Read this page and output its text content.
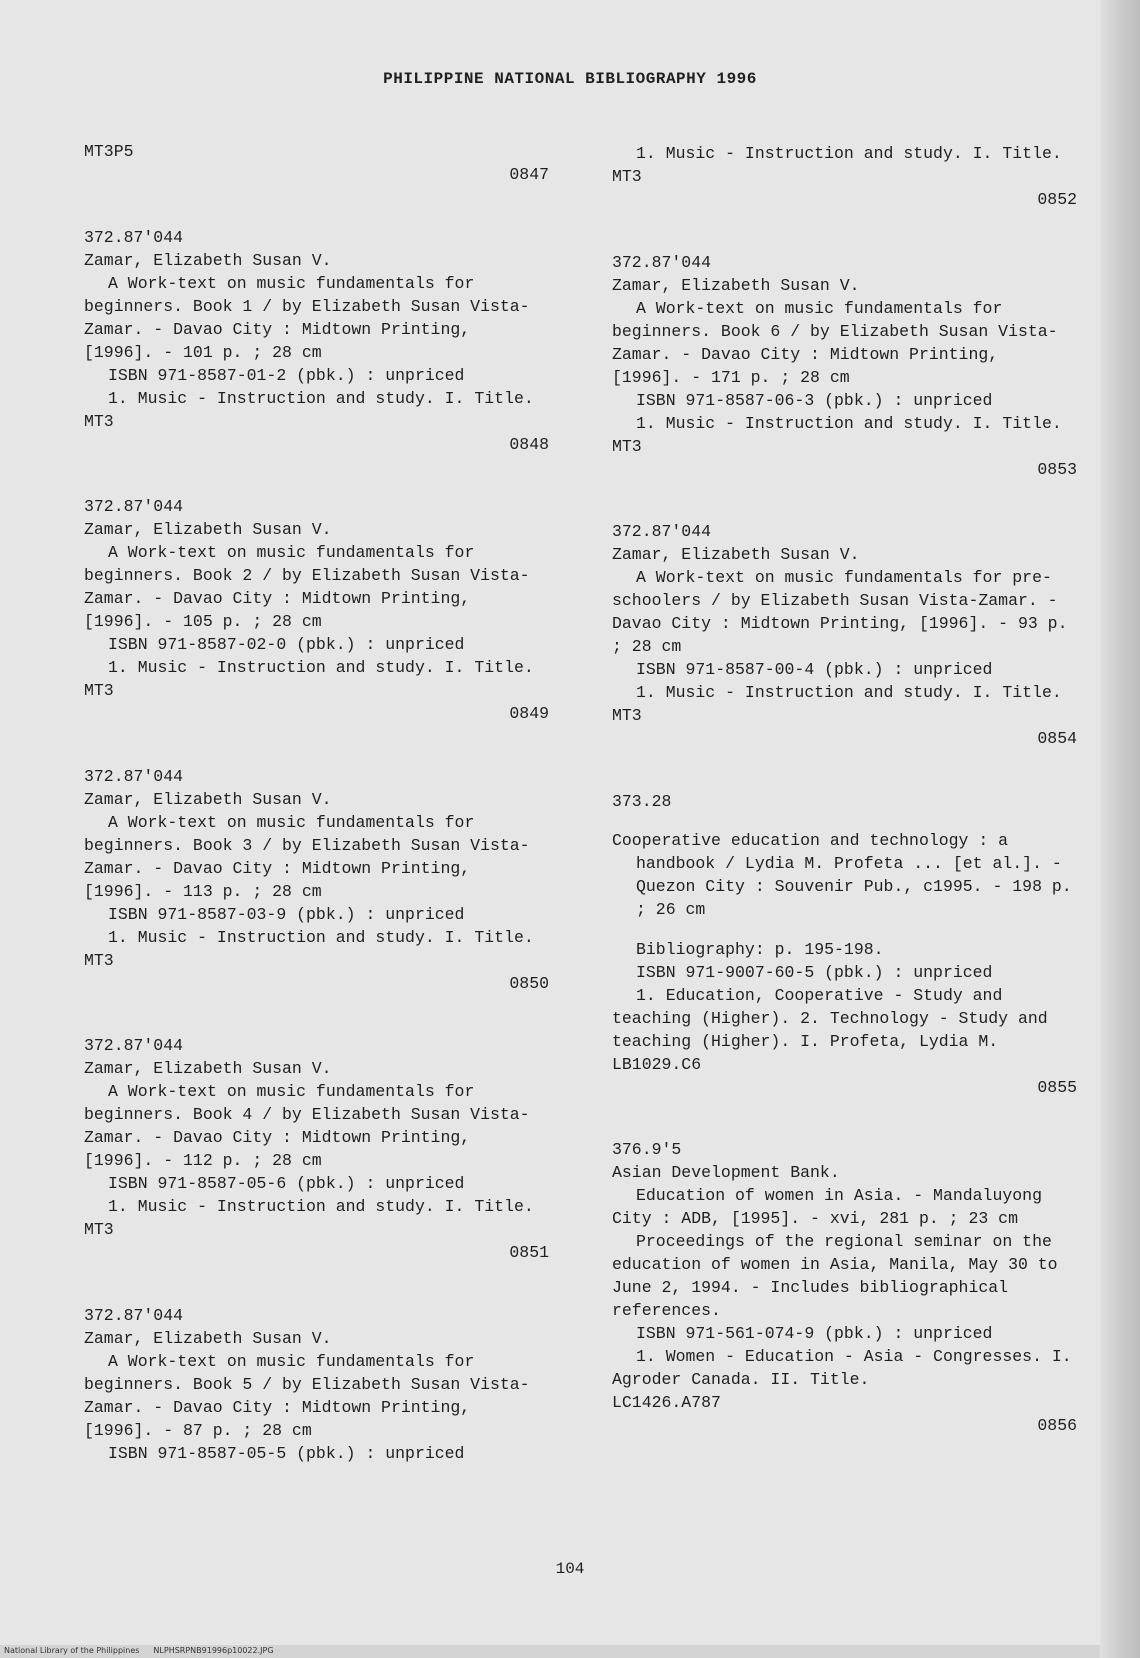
PHILIPPINE NATIONAL BIBLIOGRAPHY 1996

MT3P5

0847

372.87'044

Zamar, Elizabeth Susan V.

A Work-text on music fundamentals for beginners. Book 1 / by Elizabeth Susan Vista-Zamar. - Davao City : Midtown Printing, [1996]. - 101 p. ; 28 cm

ISBN 971-8587-01-2 (pbk.) : unpriced

1. Music - Instruction and study. I. Title.

MT3

0848

372.87'044

Zamar, Elizabeth Susan V.

A Work-text on music fundamentals for beginners. Book 2 / by Elizabeth Susan Vista-Zamar. - Davao City : Midtown Printing, [1996]. - 105 p. ; 28 cm

ISBN 971-8587-02-0 (pbk.) : unpriced

1. Music - Instruction and study. I. Title.

MT3

0849

372.87'044

Zamar, Elizabeth Susan V.

A Work-text on music fundamentals for beginners. Book 3 / by Elizabeth Susan Vista-Zamar. - Davao City : Midtown Printing, [1996]. - 113 p. ; 28 cm

ISBN 971-8587-03-9 (pbk.) : unpriced

1. Music - Instruction and study. I. Title.

MT3

0850

372.87'044

Zamar, Elizabeth Susan V.

A Work-text on music fundamentals for beginners. Book 4 / by Elizabeth Susan Vista-Zamar. - Davao City : Midtown Printing, [1996]. - 112 p. ; 28 cm

ISBN 971-8587-05-6 (pbk.) : unpriced

1. Music - Instruction and study. I. Title.

MT3

0851

372.87'044

Zamar, Elizabeth Susan V.

A Work-text on music fundamentals for beginners. Book 5 / by Elizabeth Susan Vista-Zamar. - Davao City : Midtown Printing, [1996]. - 87 p. ; 28 cm

ISBN 971-8587-05-5 (pbk.) : unpriced

1. Music - Instruction and study. I. Title.

MT3

0852

372.87'044

Zamar, Elizabeth Susan V.

A Work-text on music fundamentals for beginners. Book 6 / by Elizabeth Susan Vista-Zamar. - Davao City : Midtown Printing, [1996]. - 171 p. ; 28 cm

ISBN 971-8587-06-3 (pbk.) : unpriced

1. Music - Instruction and study. I. Title.

MT3

0853

372.87'044

Zamar, Elizabeth Susan V.

A Work-text on music fundamentals for pre-schoolers / by Elizabeth Susan Vista-Zamar. - Davao City : Midtown Printing, [1996]. - 93 p. ; 28 cm

ISBN 971-8587-00-4 (pbk.) : unpriced

1. Music - Instruction and study. I. Title.

MT3

0854

373.28

Cooperative education and technology : a handbook / Lydia M. Profeta ... [et al.]. - Quezon City : Souvenir Pub., c1995. - 198 p. ; 26 cm

Bibliography: p. 195-198.

ISBN 971-9007-60-5 (pbk.) : unpriced

1. Education, Cooperative - Study and teaching (Higher). 2. Technology - Study and teaching (Higher). I. Profeta, Lydia M.

LB1029.C6

0855

376.9'5

Asian Development Bank.

Education of women in Asia. - Mandaluyong City : ADB, [1995]. - xvi, 281 p. ; 23 cm

Proceedings of the regional seminar on the education of women in Asia, Manila, May 30 to June 2, 1994. - Includes bibliographical references.

ISBN 971-561-074-9 (pbk.) : unpriced

1. Women - Education - Asia - Congresses. I. Agroder Canada. II. Title.

LC1426.A787

0856

104
National Library of the Philippines NLPHSRPNB91996p10022.JPG
